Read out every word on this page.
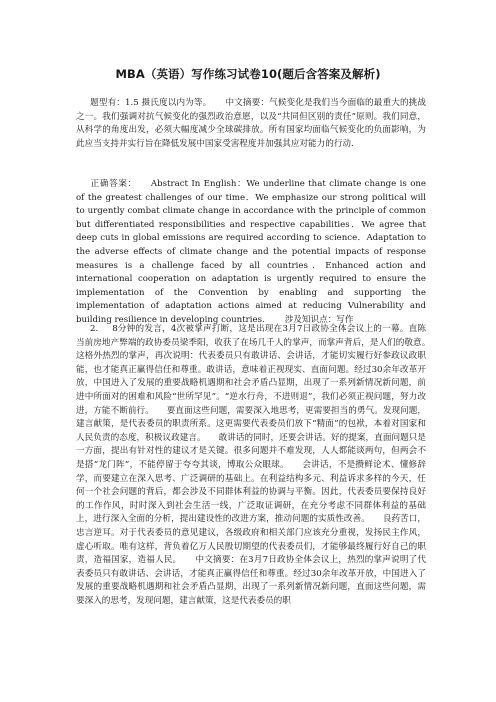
MBA（英语）写作练习试卷10(题后含答案及解析)
题型有：1.5 摄氏度以内为等。 中文摘要：气候变化是我们当今面临的最重大的挑战之一。我们强调对抗气候变化的强烈政治意愿，以及“共同但区别的责任”原则。我们同意，从科学的角度出发，必须大幅度减少全球碳排放。所有国家均面临气候变化的负面影响，为此应当支持并实行旨在降低发展中国家受害程度并加强其应对能力的行动.
正确答案： Abstract In English：We underline that climate change is one of the greatest challenges of our time．We emphasize our strong political will to urgently combat climate change in accordance with the principle of common but differentiated responsibilities and respective capabilities．We agree that deep cuts in global emissions are required according to science．Adaptation to the adverse effects of climate change and the potential impacts of response measures is a challenge faced by all countries．Enhanced action and international cooperation on adaptation is urgently required to ensure the implementation of the Convention by enabling and supporting the implementation of adaptation actions aimed at reducing Vulnerability and building resilience in developing countries. 涉及知识点：写作
2. 8分钟的发言，4次被掌声打断，这是出现在3月7日政协全体会议上的一幕。直陈当前房地产弊端的政协委员梁季阳，收获了在场几千人的掌声，而掌声背后，是人们的敬意。　　这格外热烈的掌声，再次说明：代表委员只有敢讲话、会讲话，才能切实履行好参政议政职能，也才能真正赢得信任和尊重。敢讲话，意味着正视现实、直面问题。经过30余年改革开放，中国进入了发展的重要战略机遇期和社会矛盾凸显期，出现了一系列新情况新问题，前进中所面对的困难和风险“世所罕见”。“逆水行舟，不进则退”，我们必须正视问题，努力改进，方能不断前行。　　要直面这些问题，需要深入地思考，更需要担当的勇气。发现问题，建言献策，是代表委员的职责所系。这更需要代表委员们放下“精面”的包袱，本着对国家和人民负责的态度，积极议政建言。　　敢讲话的同时，还要会讲话。好的提案，直面问题只是一方面，提出有针对性的建议才是关键。很多问题并不难发现，人人都能谈两句，但两会不是搭“龙门阵”，不能停留于夸夸其谈，博取公众眼球。　　会讲话，不是攒鲜论术、懂修辞学，而要建立在深入思考、广泛调研的基础上。在利益结构多元、利益诉求多样的今天，任何一个社会问题的背后，都会涉及不同群体利益的协调与平衡。因此，代表委员要保持良好的工作作风，时时深入到社会生活一线，广泛取证调研，在充分考虑不同群体利益的基础上，进行深入全面的分析，提出建设性的改进方案，推动问题的实质性改善。　　良药苦口，忠言逆耳。对于代表委员的意见建议，各级政府和相关部门应该充分重视，发扬民主作风，虚心听取。唯有这样，背负着亿万人民殷切期望的代表委员们，才能够最终履行好自己的职责，造福国家，造福人民。 中文摘要：在3月7日政协全体会议上，热烈的掌声说明了代表委员只有敢讲话、会讲话，才能真正赢得信任和尊重。经过30余年改革开放，中国进入了发展的重要战略机遇期和社会矛盾凸显期，出现了一系列新情况新问题，直面这些问题，需要深入的思考，发现问题，建言献策，这是代表委员的职
